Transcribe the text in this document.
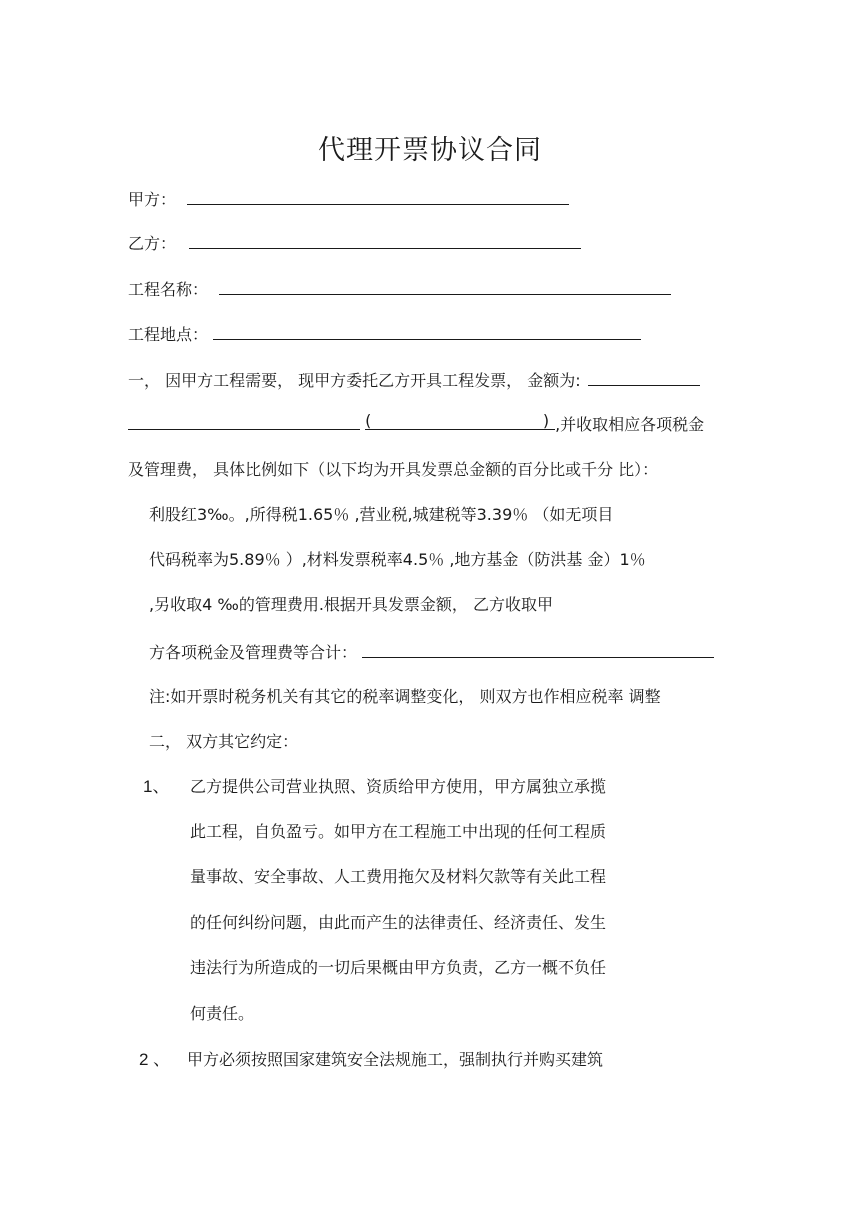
代理开票协议合同
甲方：
乙方：
工程名称：
工程地点：
一， 因甲方工程需要， 现甲方委托乙方开具工程发票， 金额为:

(	) ,并收取相应各项税金
及管理费， 具体比例如下（以下均为开具发票总金额的百分比或千分 比）：
利股红3‰。,所得税1.65％ ,营业税,城建税等3.39％ （如无项目
代码税率为5.89％ ）,材料发票税率4.5％ ,地方基金（防洪基 金）1％
,另收取4 ‰的管理费用.根据开具发票金额， 乙方收取甲
方各项税金及管理费等合计：
注:如开票时税务机关有其它的税率调整变化， 则双方也作相应税率 调整
二， 双方其它约定：
1、 乙方提供公司营业执照、资质给甲方使用，甲方属独立承揽
此工程，自负盈亏。如甲方在工程施工中出现的任何工程质
量事故、安全事故、人工费用拖欠及材料欠款等有关此工程
的任何纠纷问题，由此而产生的法律责任、经济责任、发生
违法行为所造成的一切后果概由甲方负责，乙方一概不负任
何责任。
2 、 甲方必须按照国家建筑安全法规施工，强制执行并购买建筑
